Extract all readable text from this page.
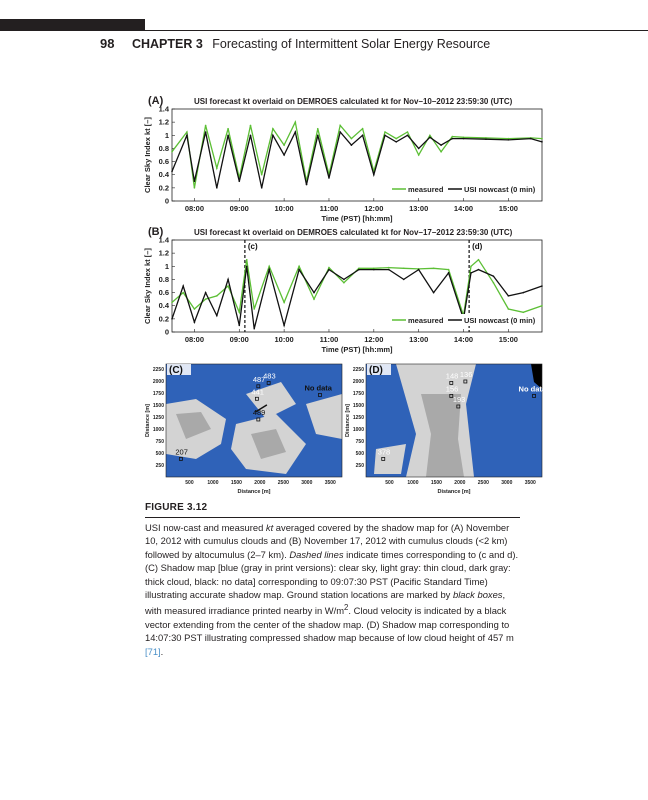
98 CHAPTER 3 Forecasting of Intermittent Solar Energy Resource
(A)	USI forecast kt overlaid on DEMROES calculated kt for Nov–10–2012 23:59:30 (UTC)
0
0.2
0.4
0.6
0.8
1
1.2
1.4
08:00	09:00	10:00	11:00	12:00	13:00	14:00	15:00
Time (PST) [hh:mm]
Clear Sky Index kt [–]	measured	USI nowcast (0 min)
(B)	USI forecast kt overlaid on DEMROES calculated kt for Nov–17–2012 23:59:30 (UTC)
0
0.2
0.4
0.6
0.8
1
1.2
1.4
08:00	09:00	10:00	11:00	12:00	13:00	14:00	15:00
Time (PST) [hh:mm]
Clear Sky Index kt [–]
(c)	(d)
measured	USI nowcast (0 min)
250
500
750
1000
1250
1500
1750
2000
2250
500	1000 1500 2000 2500 3000 3500
Distance [m]
Distance [m]
(C)
207
441
487
483
489
No data
250
500
750
1000
1250
1500
1750
2000
2250
500	1000 1500 2000 2500 3000 3500
Distance [m]
Distance [m]
(D)	148 136
156
193
No data
378
FIGURE 3.12
USI now-cast and measured kt averaged covered by the shadow map for (A) November 10, 2012 with cumulus clouds and (B) November 17, 2012 with cumulus clouds (<2 km) followed by altocumulus (2–7 km). Dashed lines indicate times corresponding to (c and d). (C) Shadow map [blue (gray in print versions): clear sky, light gray: thin cloud, dark gray: thick cloud, black: no data] corresponding to 09:07:30 PST (Pacific Standard Time) illustrating accurate shadow map. Ground station locations are marked by black boxes, with measured irradiance printed nearby in $W/m^2$. Cloud velocity is indicated by a black vector extending from the center of the shadow map. (D) Shadow map corresponding to 14:07:30 PST illustrating compressed shadow map because of low cloud height of 457 m [71].
